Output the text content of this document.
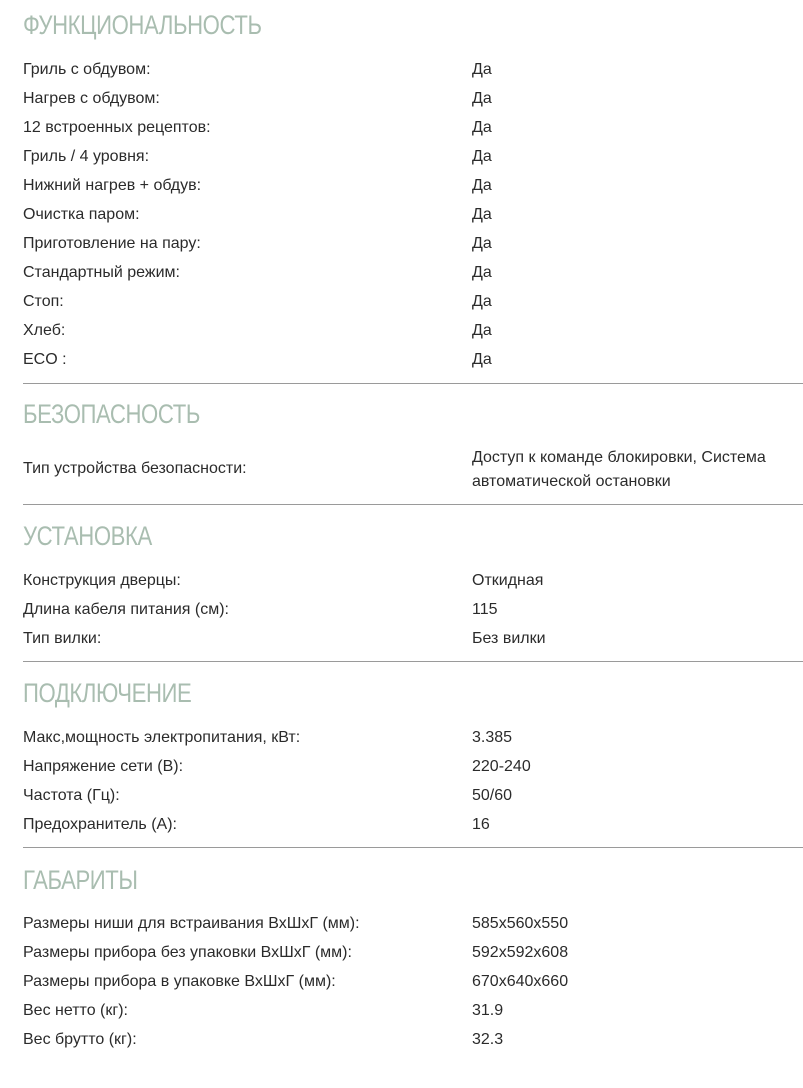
ФУНКЦИОНАЛЬНОСТЬ
Гриль с обдувом:	Да
Нагрев с обдувом:	Да
12 встроенных рецептов:	Да
Гриль / 4 уровня:	Да
Нижний нагрев + обдув:	Да
Очистка паром:	Да
Приготовление на пару:	Да
Стандартный режим:	Да
Стоп:	Да
Хлеб:	Да
ECO :	Да
БЕЗОПАСНОСТЬ
Тип устройства безопасности:
Доступ к команде блокировки, Система автоматической остановки
УСТАНОВКА
Конструкция дверцы:	Откидная
Длина кабеля питания (см):	115
Тип вилки:	Без вилки
ПОДКЛЮЧЕНИЕ
Макс,мощность электропитания, кВт:	3.385
Напряжение сети (В):	220-240
Частота (Гц):	50/60
Предохранитель (А):	16
ГАБАРИТЫ
Размеры ниши для встраивания ВхШхГ (мм):	585x560x550
Размеры прибора без упаковки ВхШхГ (мм):	592x592x608
Размеры прибора в упаковке ВхШхГ (мм):	670x640x660
Вес нетто (кг):	31.9
Вес брутто (кг):	32.3
